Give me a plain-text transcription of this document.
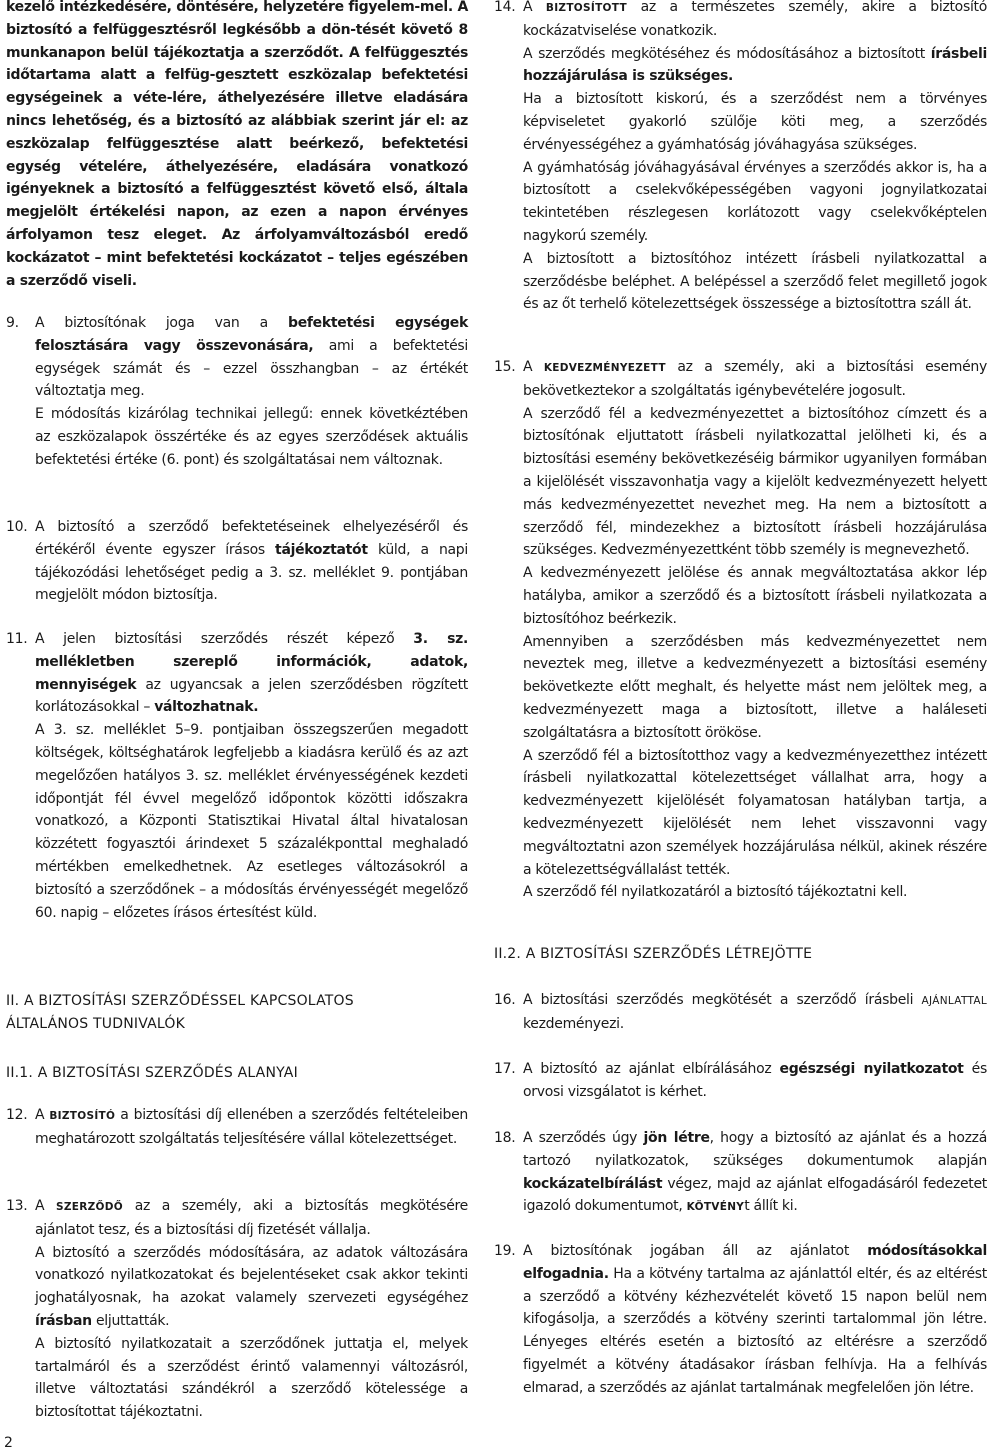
kezelő intézkedésére, döntésére, helyzetére figyelem-mel. A biztosító a felfüggesztésről legkésőbb a dön-tését követő 8 munkanapon belül tájékoztatja a szerződőt. A felfüggesztés időtartama alatt a felfüg-gesztett eszközalap befektetési egységeinek a véte-lére, áthelyezésére illetve eladására nincs lehetőség, és a biztosító az alábbiak szerint jár el: az eszközalap felfüggesztése alatt beérkező, befektetési egység vételére, áthelyezésére, eladására vonatkozó igényeknek a biztosító a felfüggesztést követő első, általa megjelölt értékelési napon, az ezen a napon érvényes árfolyamon tesz eleget. Az árfolyamváltozásból eredő kockázatot – mint befektetési kockázatot – teljes egészében a szerződő viseli.

9. A biztosítónak joga van a befektetési egységek felosztására vagy összevonására, ami a befektetési egységek számát és – ezzel összhangban – az értékét változtatja meg.

E módosítás kizárólag technikai jellegű: ennek követkéztében az eszközalapok összértéke és az egyes szerződések aktuális befektetési értéke (6. pont) és szolgáltatásai nem változnak.

10. A biztosító a szerződő befektetéseinek elhelyezéséről és értékéről évente egyszer írásos tájékoztatót küld, a napi tájékozódási lehetőséget pedig a 3. sz. melléklet 9. pontjában megjelölt módon biztosítja.

11. A jelen biztosítási szerződés részét képező 3. sz. mellékletben szereplő információk, adatok, mennyiségek az ugyancsak a jelen szerződésben rögzített korlátozásokkal – változhatnak.

A 3. sz. melléklet 5–9. pontjaiban összegszerűen megadott költségek, költséghatárok legfeljebb a kiadásra kerülő és az azt megelőzően hatályos 3. sz. melléklet érvényességének kezdeti időpontját fél évvel megelőző időpontok közötti időszakra vonatkozó, a Központi Statisztikai Hivatal által hivatalosan közzétett fogyasztói árindexet 5 százalékponttal meghaladó mértékben emelkedhetnek. Az esetleges változásokról a biztosító a szerződőnek – a módosítás érvényességét megelőző 60. napig – előzetes írásos értesítést küld.

II. A BIZTOSÍTÁSI SZERZŐDÉSSEL KAPCSOLATOS ÁLTALÁNOS TUDNIVALÓK

II.1. A BIZTOSÍTÁSI SZERZŐDÉS ALANYAI

12. A BIZTOSÍTÓ a biztosítási díj ellenében a szerződés feltételeiben meghatározott szolgáltatás teljesítésére vállal kötelezettséget.

13. A SZERZŐDŐ az a személy, aki a biztosítás megkötésére ajánlatot tesz, és a biztosítási díj fizetését vállalja.

A biztosító a szerződés módosítására, az adatok változására vonatkozó nyilatkozatokat és bejelentéseket csak akkor tekinti joghatályosnak, ha azokat valamely szervezeti egységéhez írásban eljuttatták.

A biztosító nyilatkozatait a szerződőnek juttatja el, melyek tartalmáról és a szerződést érintő valamennyi változásról, illetve változtatási szándékról a szerződő kötelessége a biztosítottat tájékoztatni.

14. A BIZTOSÍTOTT az a természetes személy, akire a biztosító kockázatviselése vonatkozik.

A szerződés megkötéséhez és módosításához a biztosított írásbeli hozzájárulása is szükséges.

Ha a biztosított kiskorú, és a szerződést nem a törvényes képviseletet gyakorló szülője köti meg, a szerződés érvényességéhez a gyámhatóság jóváhagyása szükséges.

A gyámhatóság jóváhagyásával érvényes a szerződés akkor is, ha a biztosított a cselekvőképességében vagyoni jognyilatkozatai tekintetében részlegesen korlátozott vagy cselekvőképtelen nagykorú személy.

A biztosított a biztosítóhoz intézett írásbeli nyilatkozattal a szerződésbe beléphet. A belépéssel a szerződő felet megillető jogok és az őt terhelő kötelezettségek összessége a biztosítottra száll át.

15. A KEDVEZMÉNYEZETT az a személy, aki a biztosítási esemény bekövetkeztekor a szolgáltatás igénybevételére jogosult.

A szerződő fél a kedvezményezettet a biztosítóhoz címzett és a biztosítónak eljuttatott írásbeli nyilatkozattal jelölheti ki, és a biztosítási esemény bekövetkezéséig bármikor ugyanilyen formában a kijelölését visszavonhatja vagy a kijelölt kedvezményezett helyett más kedvezményezettet nevezhet meg. Ha nem a biztosított a szerződő fél, mindezekhez a biztosított írásbeli hozzájárulása szükséges. Kedvezményezettként több személy is megnevezhető.

A kedvezményezett jelölése és annak megváltoztatása akkor lép hatályba, amikor a szerződő és a biztosított írásbeli nyilatkozata a biztosítóhoz beérkezik.

Amennyiben a szerződésben más kedvezményezettet nem neveztek meg, illetve a kedvezményezett a biztosítási esemény bekövetkezte előtt meghalt, és helyette mást nem jelöltek meg, a kedvezményezett maga a biztosított, illetve a haláleseti szolgáltatásra a biztosított örököse.

A szerződő fél a biztosítotthoz vagy a kedvezményezetthez intézett írásbeli nyilatkozattal kötelezettséget vállalhat arra, hogy a kedvezményezett kijelölését folyamatosan hatályban tartja, a kedvezményezett kijelölését nem lehet visszavonni vagy megváltoztatni azon személyek hozzájárulása nélkül, akinek részére a kötelezettségvállalást tették.

A szerződő fél nyilatkozatáról a biztosító tájékoztatni kell.

II.2. A BIZTOSÍTÁSI SZERZŐDÉS LÉTREJÖTTE

16. A biztosítási szerződés megkötését a szerződő írásbeli AJÁNLATTAL kezdeményezi.

17. A biztosító az ajánlat elbírálásához egészségi nyilatkozatot és orvosi vizsgálatot is kérhet.

18. A szerződés úgy jön létre, hogy a biztosító az ajánlat és a hozzá tartozó nyilatkozatok, szükséges dokumentumok alapján kockázatelbírálást végez, majd az ajánlat elfogadásáról fedezetet igazoló dokumentumot, KÖTVÉNYt állít ki.

19. A biztosítónak jogában áll az ajánlatot módosításokkal elfogadnia. Ha a kötvény tartalma az ajánlattól eltér, és az eltérést a szerződő a kötvény kézhezvételét követő 15 napon belül nem kifogásolja, a szerződés a kötvény szerinti tartalommal jön létre. Lényeges eltérés esetén a biztosító az eltérésre a szerződő figyelmét a kötvény átadásakor írásban felhívja. Ha a felhívás elmarad, a szerződés az ajánlat tartalmának megfelelően jön létre.

2
